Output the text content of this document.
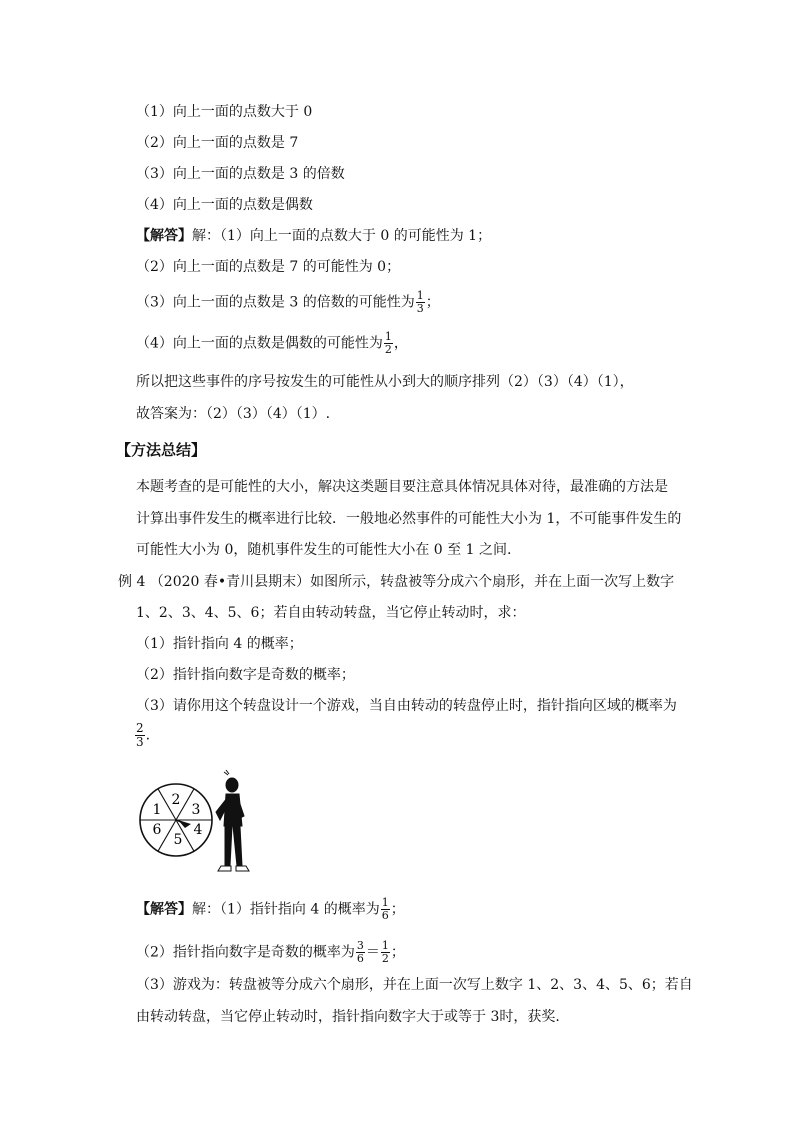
（1）向上一面的点数大于 0
（2）向上一面的点数是 7
（3）向上一面的点数是 3 的倍数
（4）向上一面的点数是偶数
【解答】解：（1）向上一面的点数大于 0 的可能性为 1；
（2）向上一面的点数是 7 的可能性为 0；
（3）向上一面的点数是 3 的倍数的可能性为 $\frac{1}{3}$ ；
（4）向上一面的点数是偶数的可能性为 $\frac{1}{2}$ ，
所以把这些事件的序号按发生的可能性从小到大的顺序排列（2）（3）（4）（1），
故答案为：（2）（3）（4）（1）.
【方法总结】
本题考查的是可能性的大小，解决这类题目要注意具体情况具体对待，最准确的方法是
计算出事件发生的概率进行比较．一般地必然事件的可能性大小为 1，不可能事件发生的
可能性大小为 0，随机事件发生的可能性大小在 0 至 1 之间.
例 4 （2020 春•青川县期末）如图所示，转盘被等分成六个扇形，并在上面一次写上数字
1、2、3、4、5、6；若自由转动转盘，当它停止转动时，求：
（1）指针指向 4 的概率；
（2）指针指向数字是奇数的概率；
（3）请你用这个转盘设计一个游戏，当自由转动的转盘停止时，指针指向区域的概率为
$\frac{2}{3}$ .
1
2
3
4
5
6
【解答】解：（1）指针指向 4 的概率为 $\frac{1}{6}$ ；
（2）指针指向数字是奇数的概率为 $\frac{3}{6} = \frac{1}{2}$ ；
（3）游戏为：转盘被等分成六个扇形，并在上面一次写上数字 1、2、3、4、5、6；若自
由转动转盘，当它停止转动时，指针指向数字大于或等于 3时，获奖.
